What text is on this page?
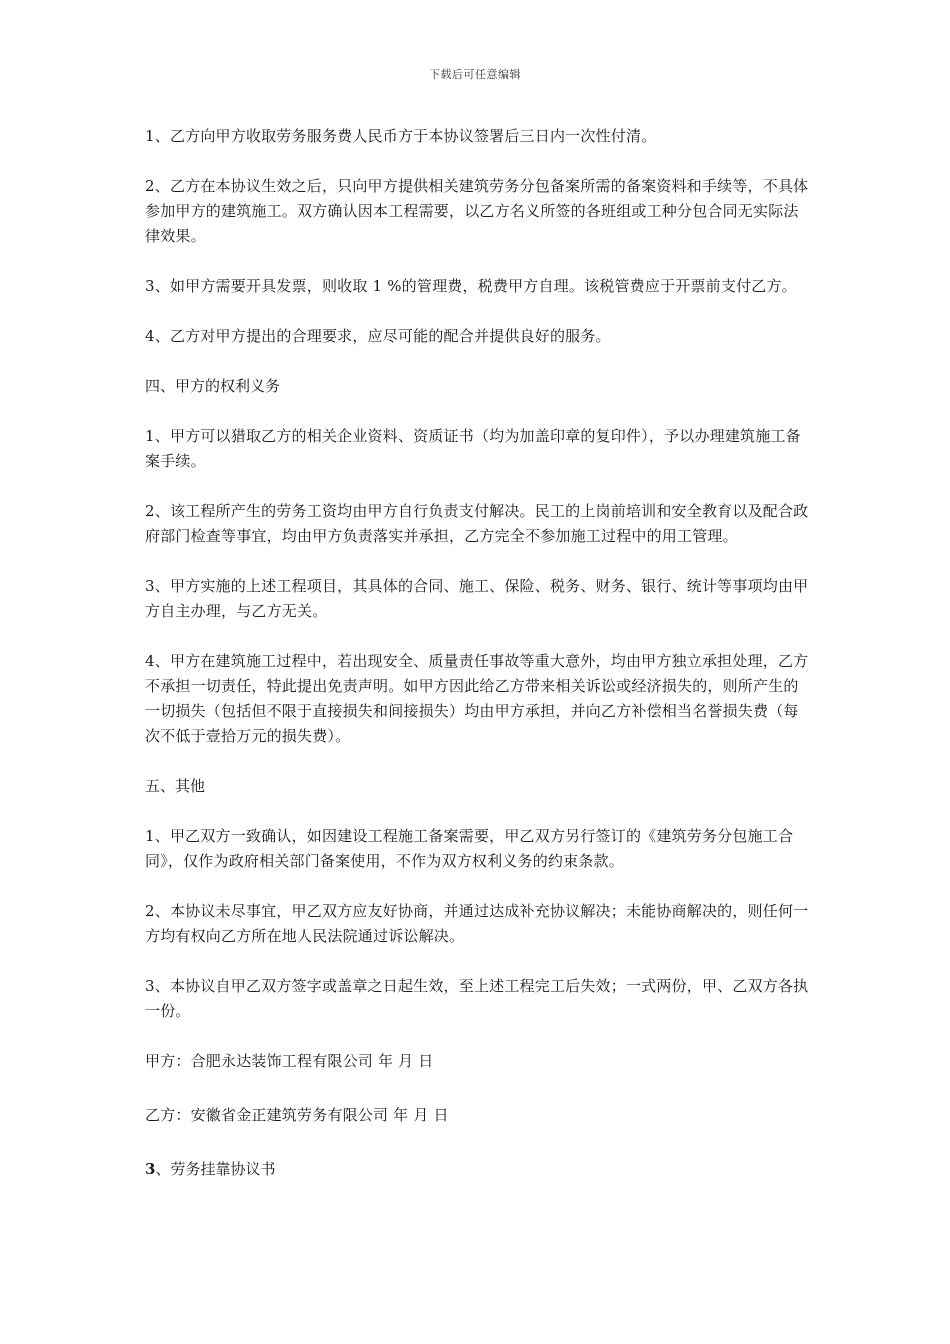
下载后可任意编辑

1、乙方向甲方收取劳务服务费人民币方于本协议签署后三日内一次性付清。

2、乙方在本协议生效之后，只向甲方提供相关建筑劳务分包备案所需的备案资料和手续等，不具体参加甲方的建筑施工。双方确认因本工程需要，以乙方名义所签的各班组或工种分包合同无实际法律效果。

3、如甲方需要开具发票，则收取 1 %的管理费，税费甲方自理。该税管费应于开票前支付乙方。

4、乙方对甲方提出的合理要求，应尽可能的配合并提供良好的服务。

四、甲方的权利义务

1、甲方可以猎取乙方的相关企业资料、资质证书（均为加盖印章的复印件），予以办理建筑施工备案手续。

2、该工程所产生的劳务工资均由甲方自行负责支付解决。民工的上岗前培训和安全教育以及配合政府部门检查等事宜，均由甲方负责落实并承担，乙方完全不参加施工过程中的用工管理。

3、甲方实施的上述工程项目，其具体的合同、施工、保险、税务、财务、银行、统计等事项均由甲方自主办理，与乙方无关。

4、甲方在建筑施工过程中，若出现安全、质量责任事故等重大意外，均由甲方独立承担处理，乙方不承担一切责任，特此提出免责声明。如甲方因此给乙方带来相关诉讼或经济损失的，则所产生的一切损失（包括但不限于直接损失和间接损失）均由甲方承担，并向乙方补偿相当名誉损失费（每次不低于壹拾万元的损失费）。

五、其他

1、甲乙双方一致确认，如因建设工程施工备案需要，甲乙双方另行签订的《建筑劳务分包施工合同》，仅作为政府相关部门备案使用，不作为双方权利义务的约束条款。

2、本协议未尽事宜，甲乙双方应友好协商，并通过达成补充协议解决；未能协商解决的，则任何一方均有权向乙方所在地人民法院通过诉讼解决。

3、本协议自甲乙双方签字或盖章之日起生效，至上述工程完工后失效；一式两份，甲、乙双方各执一份。

甲方：合肥永达装饰工程有限公司 年 月 日

乙方：安徽省金正建筑劳务有限公司 年 月 日

3、劳务挂靠协议书
